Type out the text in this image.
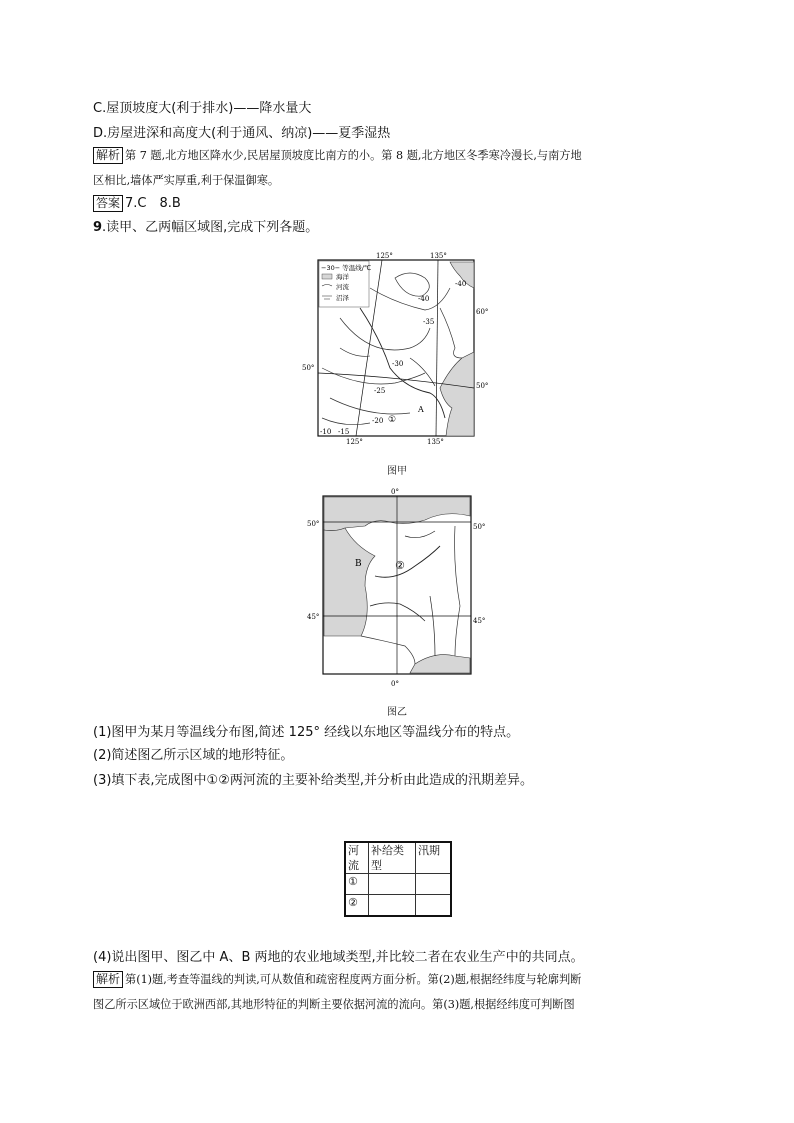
C.屋顶坡度大(利于排水)——降水量大
D.房屋进深和高度大(利于通风、纳凉)——夏季湿热
解析 第 7 题,北方地区降水少,民居屋顶坡度比南方的小。第 8 题,北方地区冬季寒冷漫长,与南方地
区相比,墙体严实厚重,利于保温御寒。
答案 7.C　8.B
9.读甲、乙两幅区域图,完成下列各题。
−30− 等温线/℃
海洋
河流
沼泽
125°	135°
125°	135°
50°
60°
50°
-40
-35
-30
-25
-20
-15
-10
-40
①
A
图甲
0°
0°
50°
45°
50°
45°
B	②
图乙
(1)图甲为某月等温线分布图,简述 125° 经线以东地区等温线分布的特点。
(2)简述图乙所示区域的地形特征。
(3)填下表,完成图中①②两河流的主要补给类型,并分析由此造成的汛期差异。
河流	补给类型	汛期
①		
②		
(4)说出图甲、图乙中 A、B 两地的农业地域类型,并比较二者在农业生产中的共同点。
解析 第(1)题,考查等温线的判读,可从数值和疏密程度两方面分析。第(2)题,根据经纬度与轮廓判断
图乙所示区域位于欧洲西部,其地形特征的判断主要依据河流的流向。第(3)题,根据经纬度可判断图
